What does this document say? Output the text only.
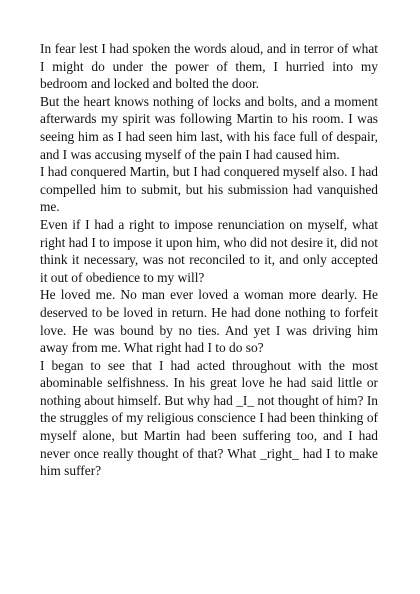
In fear lest I had spoken the words aloud, and in terror of what I might do under the power of them, I hurried into my bedroom and locked and bolted the door.

But the heart knows nothing of locks and bolts, and a moment afterwards my spirit was following Martin to his room. I was seeing him as I had seen him last, with his face full of despair, and I was accusing myself of the pain I had caused him.

I had conquered Martin, but I had conquered myself also. I had compelled him to submit, but his submission had vanquished me.

Even if I had a right to impose renunciation on myself, what right had I to impose it upon him, who did not desire it, did not think it necessary, was not reconciled to it, and only accepted it out of obedience to my will?

He loved me. No man ever loved a woman more dearly. He deserved to be loved in return. He had done nothing to forfeit love. He was bound by no ties. And yet I was driving him away from me. What right had I to do so?

I began to see that I had acted throughout with the most abominable selfishness. In his great love he had said little or nothing about himself. But why had _I_ not thought of him? In the struggles of my religious conscience I had been thinking of myself alone, but Martin had been suffering too, and I had never once really thought of that? What _right_ had I to make him suffer?
